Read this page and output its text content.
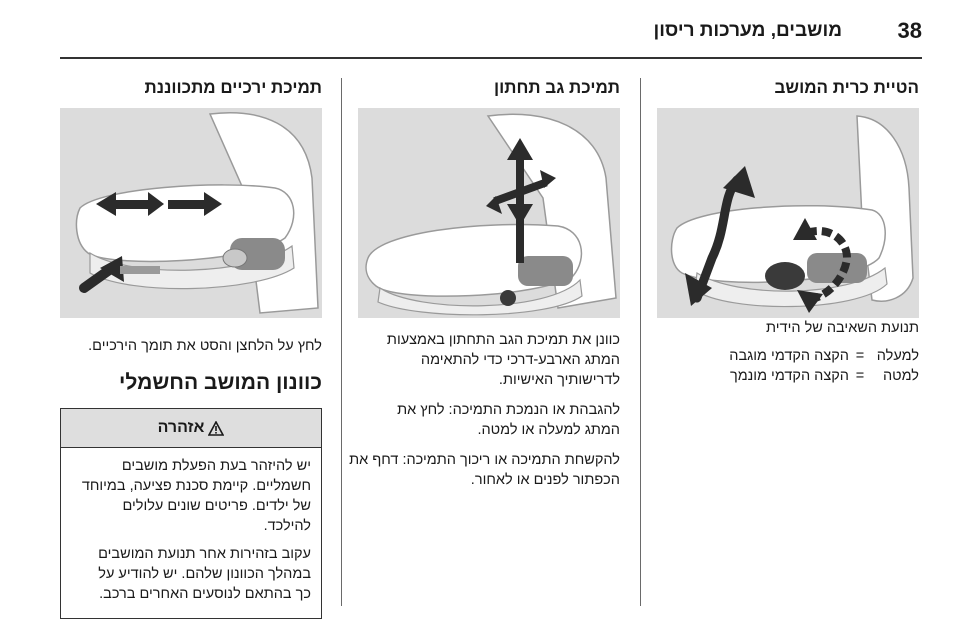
38
מושבים, מערכות ריסון
הטיית כרית המושב
תנועת השאיבה של הידית
למעלה
=
הקצה הקדמי מוגבה
למטה
=
הקצה הקדמי מונמך
תמיכת גב תחתון

כוונן את תמיכת הגב התחתון באמצעות
המתג הארבע-דרכי כדי להתאימה
לדרישותיך האישיות.

להגבהת או הנמכת התמיכה: לחץ את
המתג למעלה או למטה.

להקשחת התמיכה או ריכוך התמיכה: דחף את
הכפתור לפנים או לאחור.

תמיכת ירכיים מתכווננת
לחץ על הלחצן והסט את תומך הירכיים.
כוונון המושב החשמלי
אזהרה

יש להיזהר בעת הפעלת מושבים
חשמליים. קיימת סכנת פציעה, במיוחד
של ילדים. פריטים שונים עלולים
להילכד.

עקוב בזהירות אחר תנועת המושבים
במהלך הכוונון שלהם. יש להודיע על
כך בהתאם לנוסעים האחרים ברכב.
